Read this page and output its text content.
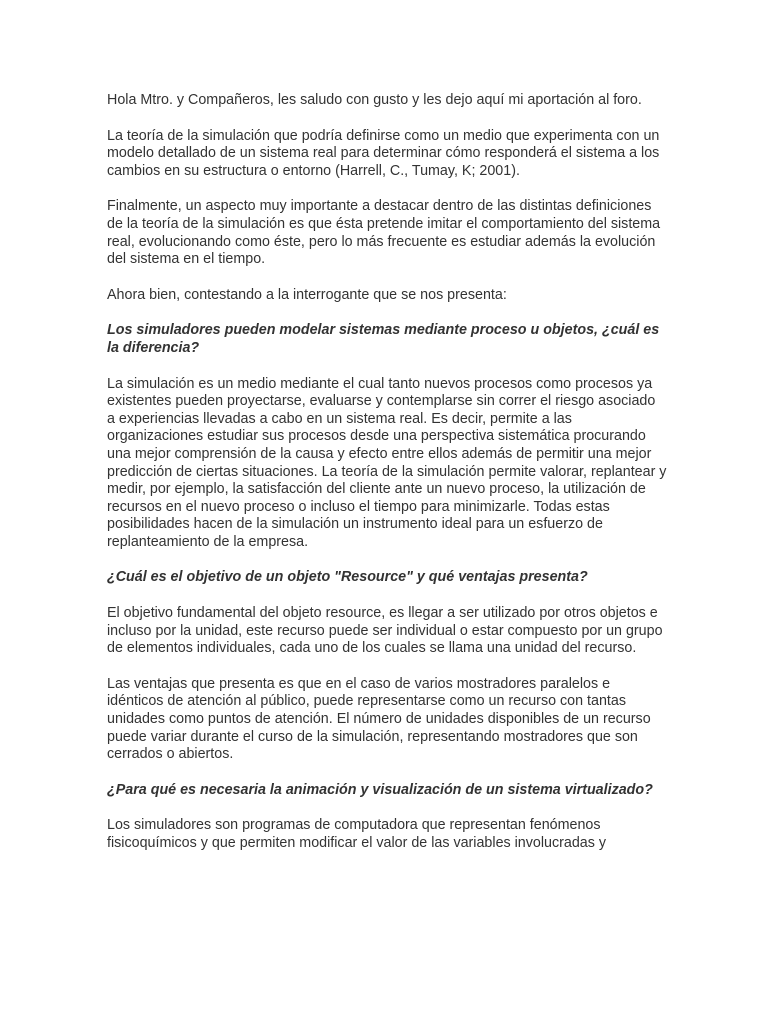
Hola Mtro. y Compañeros, les saludo con gusto y les dejo aquí mi aportación al foro.

La teoría de la simulación que podría definirse como un medio que experimenta con un modelo detallado de un sistema real para determinar cómo responderá el sistema a los cambios en su estructura o entorno (Harrell, C., Tumay, K; 2001).

Finalmente, un aspecto muy importante a destacar dentro de las distintas definiciones de la teoría de la simulación es que ésta pretende imitar el comportamiento del sistema real, evolucionando como éste, pero lo más frecuente es estudiar además la evolución del sistema en el tiempo.

Ahora bien, contestando a la interrogante que se nos presenta:

Los simuladores pueden modelar sistemas mediante proceso u objetos, ¿cuál es la diferencia?

La simulación es un medio mediante el cual tanto nuevos procesos como procesos ya existentes pueden proyectarse, evaluarse y contemplarse sin correr el riesgo asociado a experiencias llevadas a cabo en un sistema real. Es decir, permite a las organizaciones estudiar sus procesos desde una perspectiva sistemática procurando una mejor comprensión de la causa y efecto entre ellos además de permitir una mejor predicción de ciertas situaciones. La teoría de la simulación permite valorar, replantear y medir, por ejemplo, la satisfacción del cliente ante un nuevo proceso, la utilización de recursos en el nuevo proceso o incluso el tiempo para minimizarle. Todas estas posibilidades hacen de la simulación un instrumento ideal para un esfuerzo de replanteamiento de la empresa.

¿Cuál es el objetivo de un objeto "Resource" y qué ventajas presenta?

El objetivo fundamental del objeto resource, es llegar a ser utilizado por otros objetos e incluso por la unidad, este recurso puede ser individual o estar compuesto por un grupo de elementos individuales, cada uno de los cuales se llama una unidad del recurso.

Las ventajas que presenta es que en el caso de varios mostradores paralelos e idénticos de atención al público, puede representarse como un recurso con tantas unidades como puntos de atención. El número de unidades disponibles de un recurso puede variar durante el curso de la simulación, representando mostradores que son cerrados o abiertos.

¿Para qué es necesaria la animación y visualización de un sistema virtualizado?

Los simuladores son programas de computadora que representan fenómenos fisicoquímicos y que permiten modificar el valor de las variables involucradas y
